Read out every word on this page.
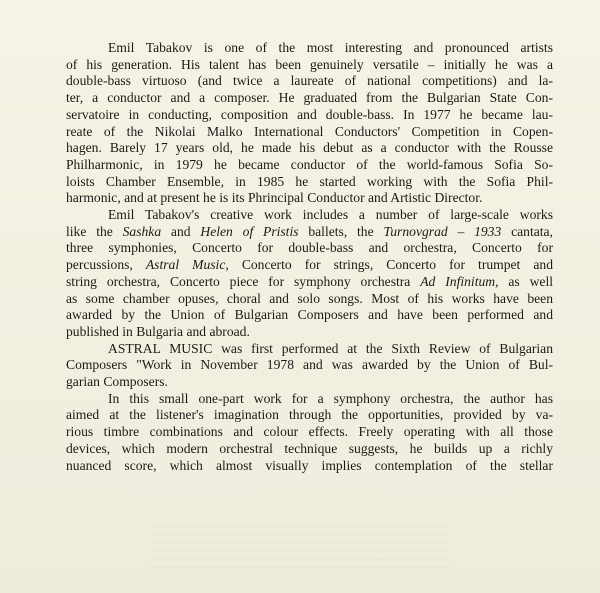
Emil Tabakov is one of the most interesting and pronounced artists
of his generation. His talent has been genuinely versatile – initially he was a
double-bass virtuoso (and twice a laureate of national competitions) and la-
ter, a conductor and a composer. He graduated from the Bulgarian State Con-
servatoire in conducting, composition and double-bass. In 1977 he became lau-
reate of the Nikolai Malko International Conductors' Competition in Copen-
hagen. Barely 17 years old, he made his debut as a conductor with the Rousse
Philharmonic, in 1979 he became conductor of the world-famous Sofia So-
loists Chamber Ensemble, in 1985 he started working with the Sofia Phil-
harmonic, and at present he is its Phrincipal Conductor and Artistic Director.
Emil Tabakov's creative work includes a number of large-scale works
like the Sashka and Helen of Pristis ballets, the Turnovgrad – 1933 cantata,
three symphonies, Concerto for double-bass and orchestra, Concerto for
percussions, Astral Music, Concerto for strings, Concerto for trumpet and
string orchestra, Concerto piece for symphony orchestra Ad Infinitum, as well
as some chamber opuses, choral and solo songs. Most of his works have been
awarded by the Union of Bulgarian Composers and have been performed and
published in Bulgaria and abroad.
ASTRAL MUSIC was first performed at the Sixth Review of Bulgarian
Composers "Work in November 1978 and was awarded by the Union of Bul-
garian Composers.
In this small one-part work for a symphony orchestra, the author has
aimed at the listener's imagination through the opportunities, provided by va-
rious timbre combinations and colour effects. Freely operating with all those
devices, which modern orchestral technique suggests, he builds up a richly
nuanced score, which almost visually implies contemplation of the stellar
